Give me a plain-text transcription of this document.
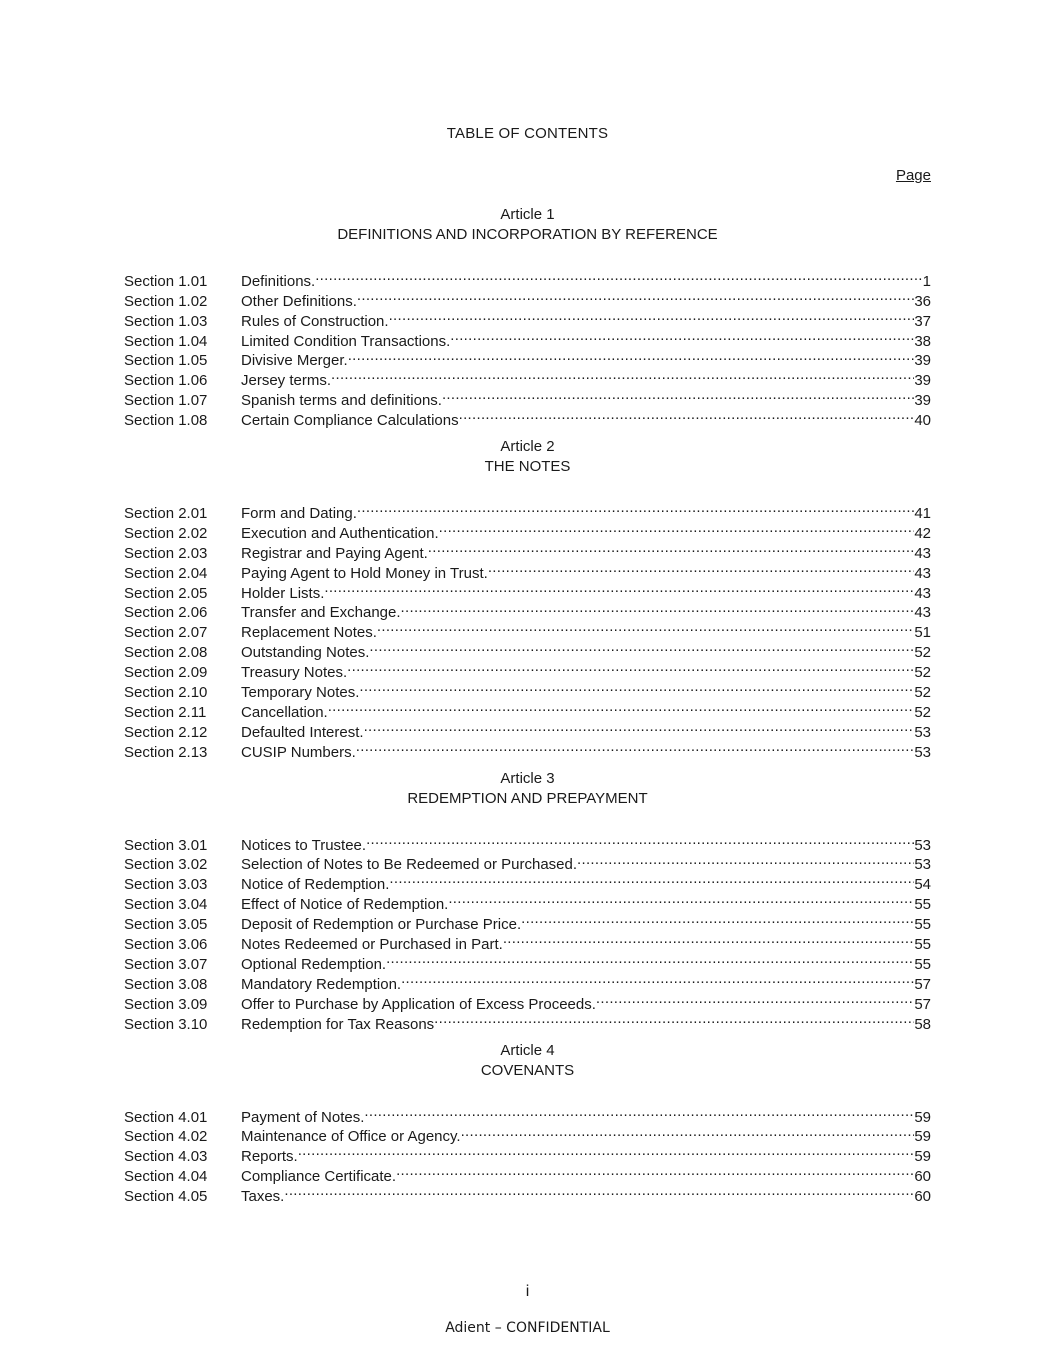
TABLE OF CONTENTS
Page
Article 1
DEFINITIONS AND INCORPORATION BY REFERENCE
Section 1.01	Definitions. .....	1
Section 1.02	Other Definitions. .....	36
Section 1.03	Rules of Construction. .....	37
Section 1.04	Limited Condition Transactions. .....	38
Section 1.05	Divisive Merger. .....	39
Section 1.06	Jersey terms. .....	39
Section 1.07	Spanish terms and definitions. .....	39
Section 1.08	Certain Compliance Calculations .....	40
Article 2
THE NOTES
Section 2.01	Form and Dating. .....	41
Section 2.02	Execution and Authentication. .....	42
Section 2.03	Registrar and Paying Agent. .....	43
Section 2.04	Paying Agent to Hold Money in Trust. .....	43
Section 2.05	Holder Lists. .....	43
Section 2.06	Transfer and Exchange. .....	43
Section 2.07	Replacement Notes. .....	51
Section 2.08	Outstanding Notes. .....	52
Section 2.09	Treasury Notes. .....	52
Section 2.10	Temporary Notes. .....	52
Section 2.11	Cancellation. .....	52
Section 2.12	Defaulted Interest. .....	53
Section 2.13	CUSIP Numbers. .....	53
Article 3
REDEMPTION AND PREPAYMENT
Section 3.01	Notices to Trustee. .....	53
Section 3.02	Selection of Notes to Be Redeemed or Purchased. .....	53
Section 3.03	Notice of Redemption. .....	54
Section 3.04	Effect of Notice of Redemption. .....	55
Section 3.05	Deposit of Redemption or Purchase Price. .....	55
Section 3.06	Notes Redeemed or Purchased in Part. .....	55
Section 3.07	Optional Redemption. .....	55
Section 3.08	Mandatory Redemption. .....	57
Section 3.09	Offer to Purchase by Application of Excess Proceeds. .....	57
Section 3.10	Redemption for Tax Reasons .....	58
Article 4
COVENANTS
Section 4.01	Payment of Notes. .....	59
Section 4.02	Maintenance of Office or Agency. .....	59
Section 4.03	Reports. .....	59
Section 4.04	Compliance Certificate. .....	60
Section 4.05	Taxes. .....	60
i
Adient – CONFIDENTIAL
